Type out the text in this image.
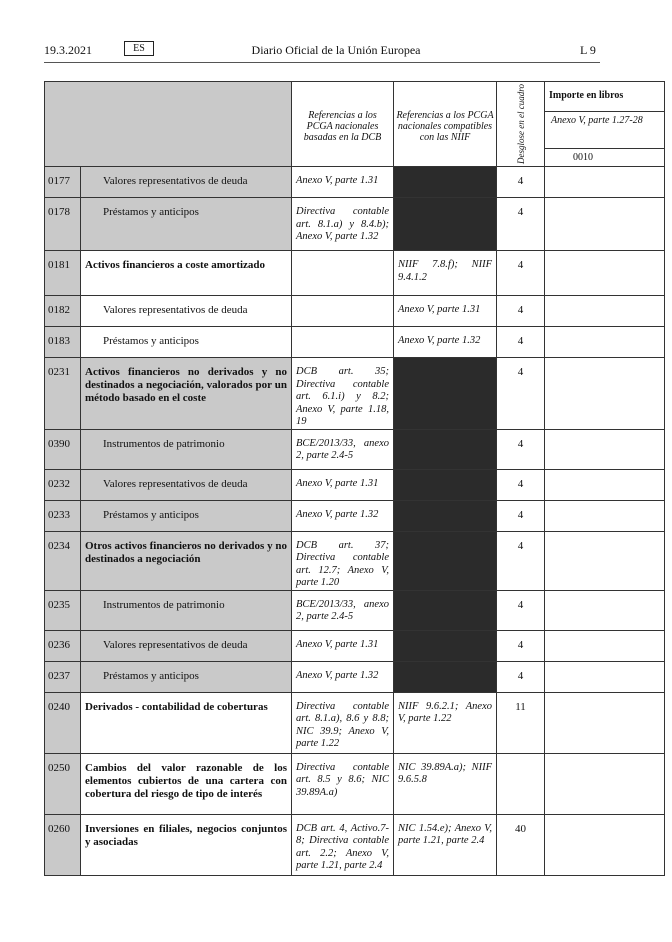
19.3.2021	ES	Diario Oficial de la Unión Europea	L 9

		Referencias a los PCGA nacionales basadas en la DCB	Referencias a los PCGA nacionales compatibles con las NIIF	Desglose en el cuadro	Importe en libros

					Anexo V, parte 1.27-28

					0010

0177	Valores representativos de deuda	Anexo V, parte 1.31		4	

0178	Préstamos y anticipos	Directiva contable art. 8.1.a) y 8.4.b); Anexo V, parte 1.32		4	

0181	Activos financieros a coste amortizado		NIIF 7.8.f); NIIF 9.4.1.2	4	

0182	Valores representativos de deuda		Anexo V, parte 1.31	4	

0183	Préstamos y anticipos		Anexo V, parte 1.32	4	

0231	Activos financieros no derivados y no destinados a negociación, valorados por un método basado en el coste	DCB art. 35; Directiva contable art. 6.1.i) y 8.2; Anexo V, parte 1.18, 19		4	

0390	Instrumentos de patrimonio	BCE/2013/33, anexo 2, parte 2.4-5		4	

0232	Valores representativos de deuda	Anexo V, parte 1.31		4	

0233	Préstamos y anticipos	Anexo V, parte 1.32		4	

0234	Otros activos financieros no derivados y no destinados a negociación	DCB art. 37; Directiva contable art. 12.7; Anexo V, parte 1.20		4	

0235	Instrumentos de patrimonio	BCE/2013/33, anexo 2, parte 2.4-5		4	

0236	Valores representativos de deuda	Anexo V, parte 1.31		4	

0237	Préstamos y anticipos	Anexo V, parte 1.32		4	

0240	Derivados - contabilidad de coberturas	Directiva contable art. 8.1.a), 8.6 y 8.8; NIC 39.9; Anexo V, parte 1.22	NIIF 9.6.2.1; Anexo V, parte 1.22	11	

0250	Cambios del valor razonable de los elementos cubiertos de una cartera con cobertura del riesgo de tipo de interés	Directiva contable art. 8.5 y 8.6; NIC 39.89A.a)	NIC 39.89A.a); NIIF 9.6.5.8		

0260	Inversiones en filiales, negocios conjuntos y asociadas	DCB art. 4, Activo.7-8; Directiva contable art. 2.2; Anexo V, parte 1.21, parte 2.4	NIC 1.54.e); Anexo V, parte 1.21, parte 2.4	40	
